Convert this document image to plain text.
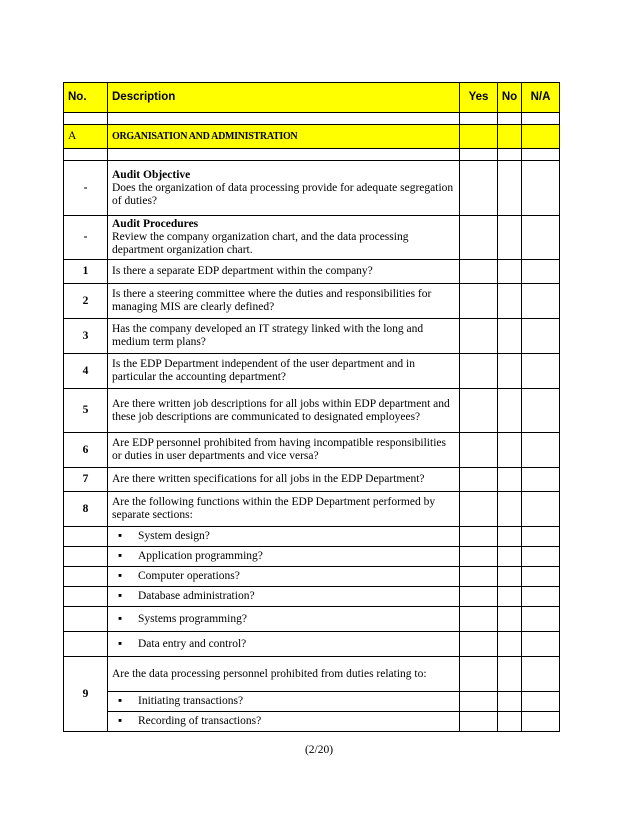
No.	Description	Yes	No	N/A

A	ORGANISATION AND ADMINISTRATION			

-	Audit Objective
Does the organization of data processing provide for adequate segregation of duties?			

-	Audit Procedures
Review the company organization chart, and the data processing department organization chart.			

1	Is there a separate EDP department within the company?			
2	Is there a steering committee where the duties and responsibilities for managing MIS are clearly defined?			
3	Has the company developed an IT strategy linked with the long and medium term plans?			
4	Is the EDP Department independent of the user department and in particular the accounting department?			
5	Are there written job descriptions for all jobs within EDP department and these job descriptions are communicated to designated employees?			
6	Are EDP personnel prohibited from having incompatible responsibilities or duties in user departments and vice versa?			
7	Are there written specifications for all jobs in the EDP Department?			
8	Are the following functions within the EDP Department performed by separate sections:			
	▪ System design?			
	▪ Application programming?			
	▪ Computer operations?			
	▪ Database administration?			
	▪ Systems programming?			
	▪ Data entry and control?			
9	Are the data processing personnel prohibited from duties relating to:			
	▪ Initiating transactions?			
	▪ Recording of transactions?			
(2/20)
